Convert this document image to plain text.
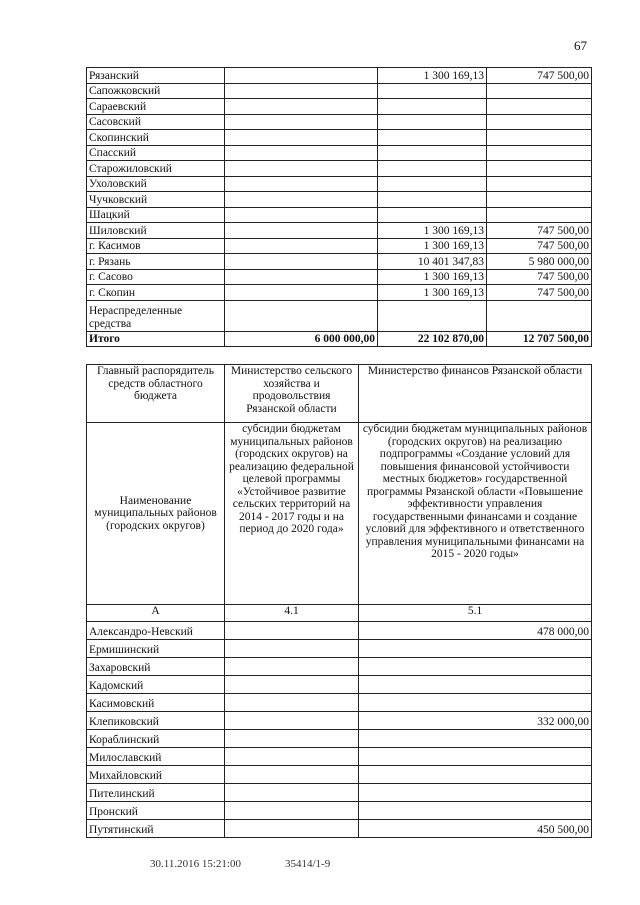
67
Рязанский		1 300 169,13	747 500,00
Сапожковский			
Сараевский			
Сасовский			
Скопинский			
Спасский			
Старожиловский			
Ухоловский			
Чучковский			
Шацкий			
Шиловский		1 300 169,13	747 500,00
г. Касимов		1 300 169,13	747 500,00
г. Рязань		10 401 347,83	5 980 000,00
г. Сасово		1 300 169,13	747 500,00
г. Скопин		1 300 169,13	747 500,00

Нераспределенные
средства			

Итого	6 000 000,00	22 102 870,00	12 707 500,00
Главный распорядитель средств областного бюджета	Министерство сельского хозяйства и продовольствия Рязанской области	Министерство финансов Рязанской области
Наименование муниципальных районов (городских округов)	субсидии бюджетам муниципальных районов (городских округов) на реализацию федеральной целевой программы «Устойчивое развитие сельских территорий на 2014 - 2017 годы и на период до 2020 года»	субсидии бюджетам муниципальных районов (городских округов) на реализацию подпрограммы «Создание условий для повышения финансовой устойчивости местных бюджетов» государственной программы Рязанской области «Повышение эффективности управления государственными финансами и создание условий для эффективного и ответственного управления муниципальными финансами на 2015 - 2020 годы»
А	4.1	5.1
Александро-Невский		478 000,00
Ермишинский		
Захаровский		
Кадомский		
Касимовский		
Клепиковский		332 000,00
Кораблинский		
Милославский		
Михайловский		
Пителинский		
Пронский		
Путятинский		450 500,00
30.11.2016 15:21:00	35414/1-9
